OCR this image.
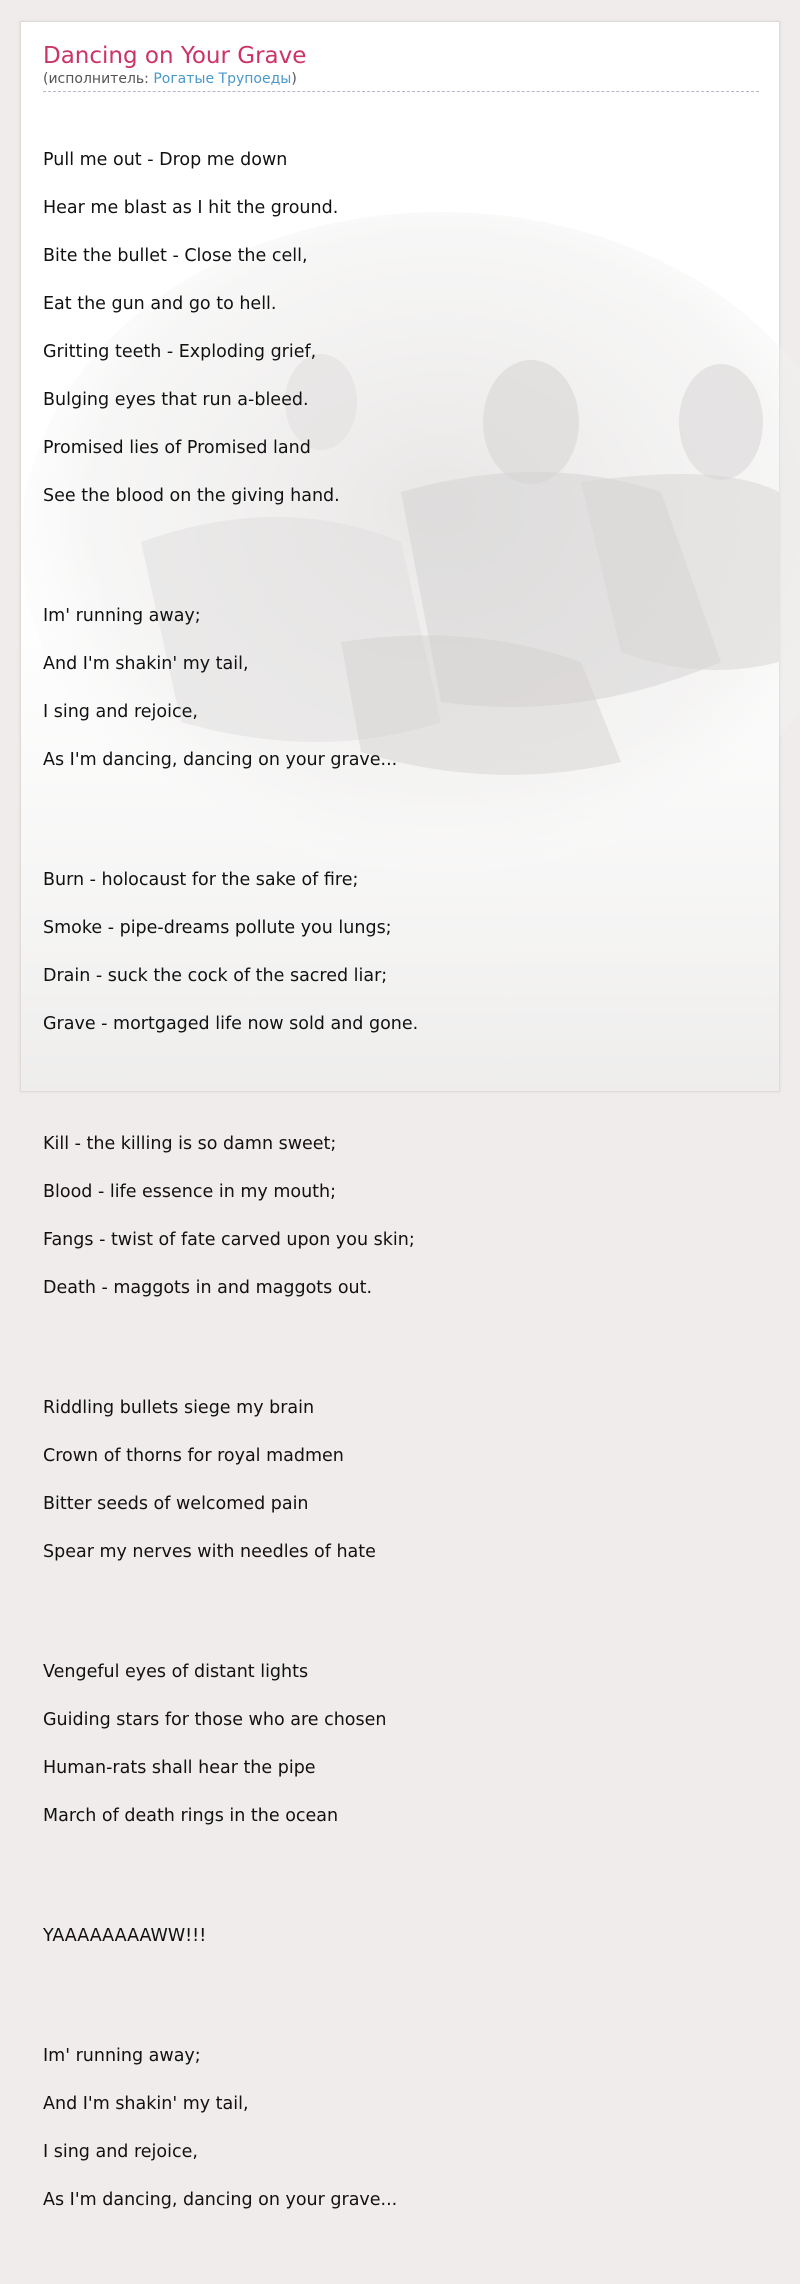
Dancing on Your Grave
(исполнитель: Рогатые Трупоеды)

Pull me out - Drop me down

Hear me blast as I hit the ground.

Bite the bullet - Close the cell,

Eat the gun and go to hell.

Gritting teeth - Exploding grief,

Bulging eyes that run a-bleed.

Promised lies of Promised land

See the blood on the giving hand.

Im' running away;

And I'm shakin' my tail,

I sing and rejoice,

As I'm dancing, dancing on your grave...

Burn - holocaust for the sake of fire;

Smoke - pipe-dreams pollute you lungs;

Drain - suck the cock of the sacred liar;

Grave - mortgaged life now sold and gone.

Kill - the killing is so damn sweet;

Blood - life essence in my mouth;

Fangs - twist of fate carved upon you skin;

Death - maggots in and maggots out.

Riddling bullets siege my brain

Crown of thorns for royal madmen

Bitter seeds of welcomed pain

Spear my nerves with needles of hate

Vengeful eyes of distant lights

Guiding stars for those who are chosen

Human-rats shall hear the pipe

March of death rings in the ocean

YAAAAAAAAWW!!!

Im' running away;

And I'm shakin' my tail,

I sing and rejoice,

As I'm dancing, dancing on your grave...
